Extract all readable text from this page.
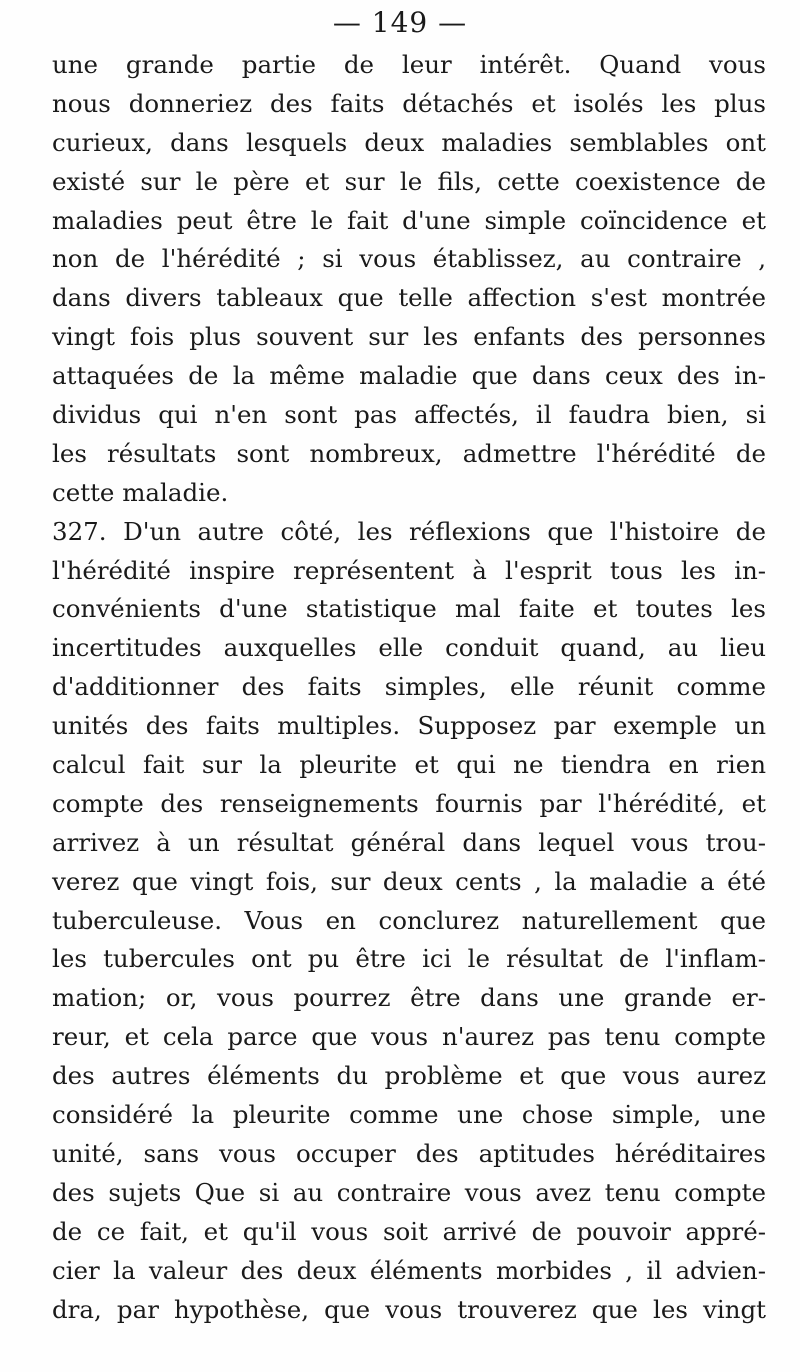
— 149 —
une grande partie de leur intérêt. Quand vous
nous donneriez des faits détachés et isolés les plus
curieux, dans lesquels deux maladies semblables ont
existé sur le père et sur le fils, cette coexistence de
maladies peut être le fait d'une simple coïncidence et
non de l'hérédité ; si vous établissez, au contraire ,
dans divers tableaux que telle affection s'est montrée
vingt fois plus souvent sur les enfants des personnes
attaquées de la même maladie que dans ceux des in-
dividus qui n'en sont pas affectés, il faudra bien, si
les résultats sont nombreux, admettre l'hérédité de
cette maladie.
327. D'un autre côté, les réflexions que l'histoire de
l'hérédité inspire représentent à l'esprit tous les in-
convénients d'une statistique mal faite et toutes les
incertitudes auxquelles elle conduit quand, au lieu
d'additionner des faits simples, elle réunit comme
unités des faits multiples. Supposez par exemple un
calcul fait sur la pleurite et qui ne tiendra en rien
compte des renseignements fournis par l'hérédité, et
arrivez à un résultat général dans lequel vous trou-
verez que vingt fois, sur deux cents , la maladie a été
tuberculeuse. Vous en conclurez naturellement que
les tubercules ont pu être ici le résultat de l'inflam-
mation; or, vous pourrez être dans une grande er-
reur, et cela parce que vous n'aurez pas tenu compte
des autres éléments du problème et que vous aurez
considéré la pleurite comme une chose simple, une
unité, sans vous occuper des aptitudes héréditaires
des sujets Que si au contraire vous avez tenu compte
de ce fait, et qu'il vous soit arrivé de pouvoir appré-
cier la valeur des deux éléments morbides , il advien-
dra, par hypothèse, que vous trouverez que les vingt
